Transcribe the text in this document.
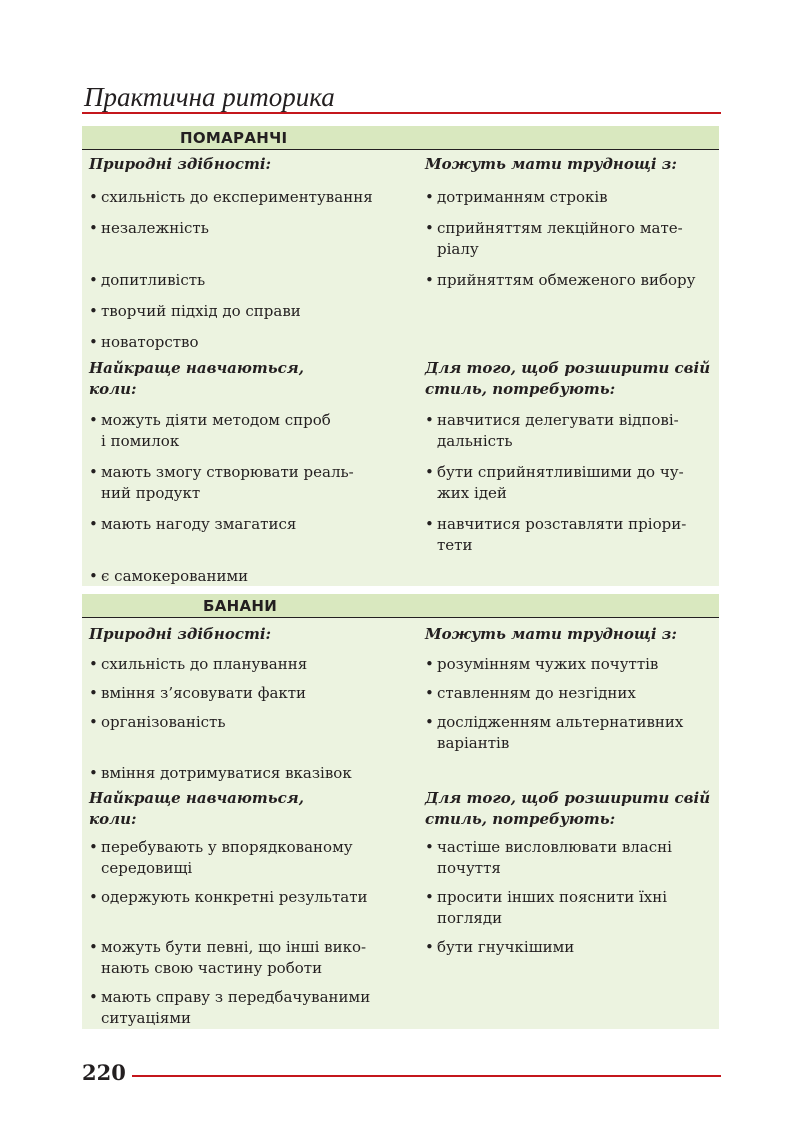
Практична риторика
ПОМАРАНЧІ
Природні здібності:
• схильність до експериментування
• незалежність
• допитливість
• творчий підхід до справи
• новаторство
Найкраще навчаються,
коли:
• можуть діяти методом спроб
і помилок
• мають змогу створювати реаль-
ний продукт
• мають нагоду змагатися
• є самокерованими
Можуть мати труднощі з:
• дотриманням строків
• сприйняттям лекційного мате-
ріалу
• прийняттям обмеженого вибору
Для того, щоб розширити свій
стиль, потребують:
• навчитися делегувати відпові-
дальність
• бути сприйнятливішими до чу-
жих ідей
• навчитися розставляти пріори-
тети
БАНАНИ
Природні здібності:
• схильність до планування
• вміння з’ясовувати факти
• організованість
• вміння дотримуватися вказівок
Найкраще навчаються,
коли:
• перебувають у впорядкованому
середовищі
• одержують конкретні результати
• можуть бути певні, що інші вико-
нають свою частину роботи
• мають справу з передбачуваними
ситуаціями
Можуть мати труднощі з:
• розумінням чужих почуттів
• ставленням до незгідних
• дослідженням альтернативних
варіантів
Для того, щоб розширити свій
стиль, потребують:
• частіше висловлювати власні
почуття
• просити інших пояснити їхні
погляди
• бути гнучкішими
220
